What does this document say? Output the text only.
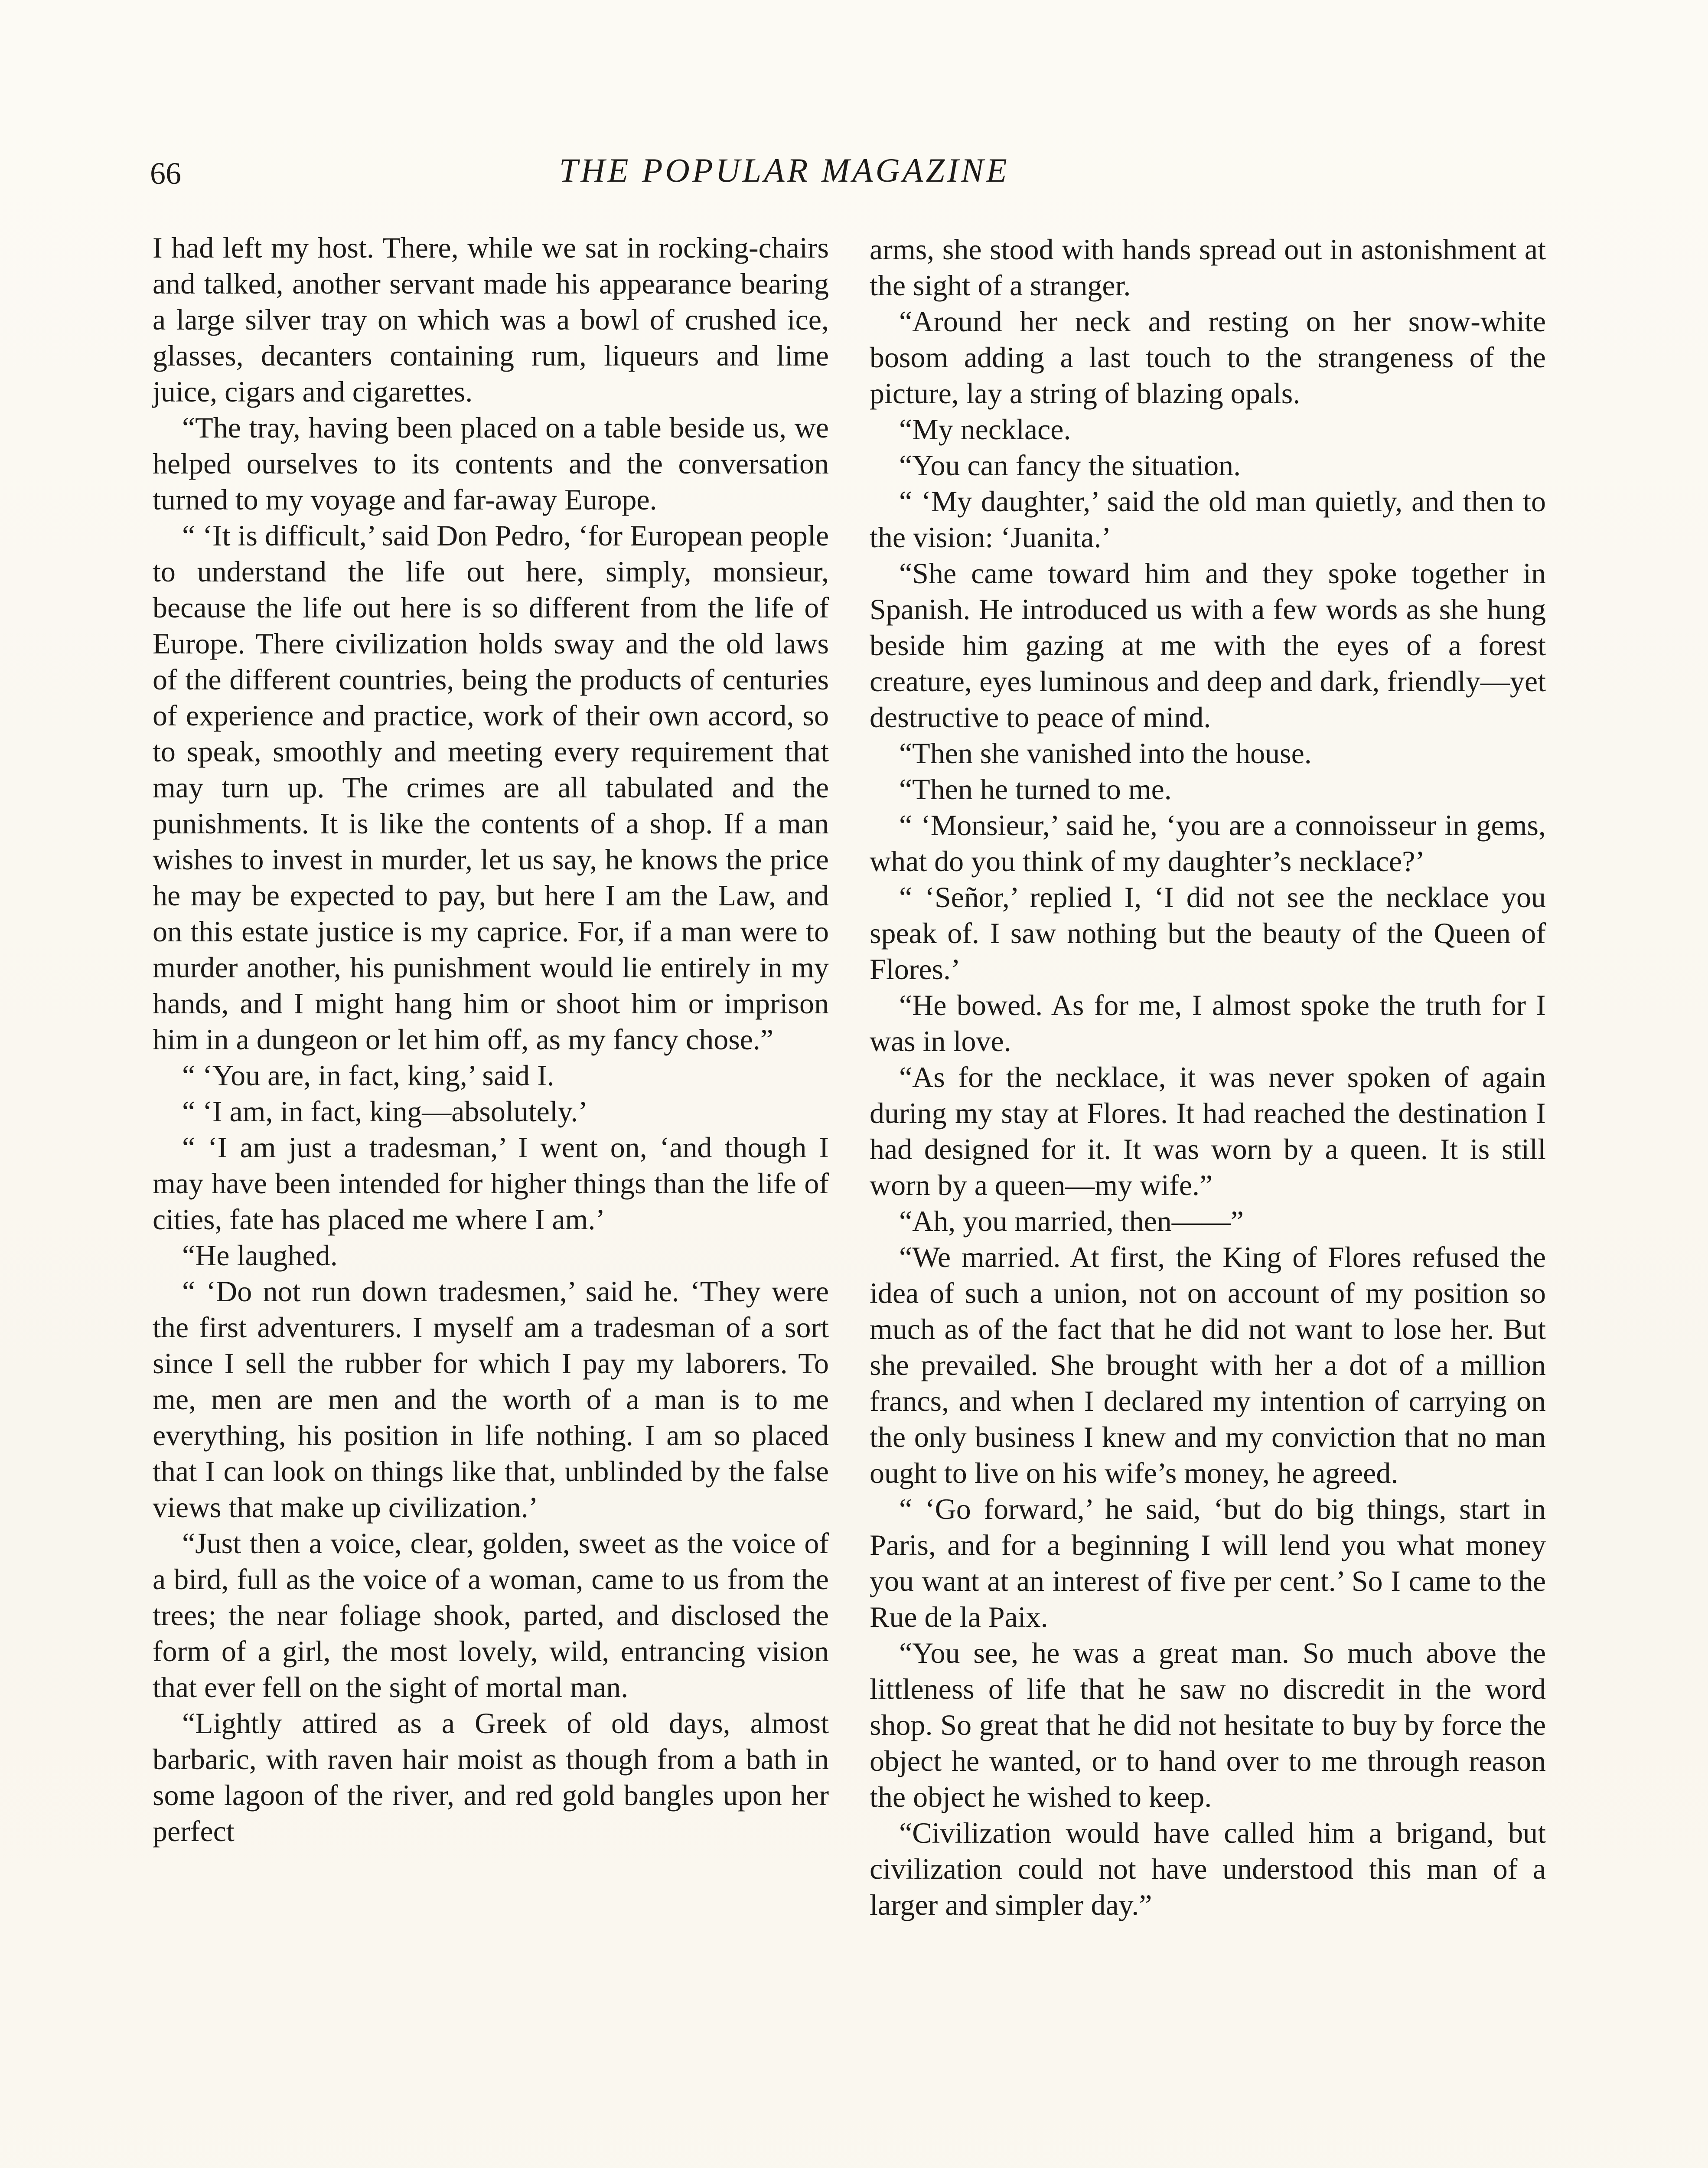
66	THE POPULAR MAGAZINE

I had left my host. There, while we sat in rocking-chairs and talked, another servant made his appearance bearing a large silver tray on which was a bowl of crushed ice, glasses, decanters containing rum, liqueurs and lime juice, cigars and cigarettes.

“The tray, having been placed on a table beside us, we helped ourselves to its contents and the conversation turned to my voyage and far-away Europe.

“ ‘It is difficult,’ said Don Pedro, ‘for European people to understand the life out here, simply, monsieur, because the life out here is so different from the life of Europe. There civilization holds sway and the old laws of the different countries, being the products of centuries of experience and practice, work of their own accord, so to speak, smoothly and meeting every requirement that may turn up. The crimes are all tabulated and the punishments. It is like the contents of a shop. If a man wishes to invest in murder, let us say, he knows the price he may be expected to pay, but here I am the Law, and on this estate justice is my caprice. For, if a man were to murder another, his punishment would lie entirely in my hands, and I might hang him or shoot him or imprison him in a dungeon or let him off, as my fancy chose.”

“ ‘You are, in fact, king,’ said I.

“ ‘I am, in fact, king—absolutely.’

“ ‘I am just a tradesman,’ I went on, ‘and though I may have been intended for higher things than the life of cities, fate has placed me where I am.’

“He laughed.

“ ‘Do not run down tradesmen,’ said he. ‘They were the first adventurers. I myself am a tradesman of a sort since I sell the rubber for which I pay my laborers. To me, men are men and the worth of a man is to me everything, his position in life nothing. I am so placed that I can look on things like that, unblinded by the false views that make up civilization.’

“Just then a voice, clear, golden, sweet as the voice of a bird, full as the voice of a woman, came to us from the trees; the near foliage shook, parted, and disclosed the form of a girl, the most lovely, wild, entrancing vision that ever fell on the sight of mortal man.

“Lightly attired as a Greek of old days, almost barbaric, with raven hair moist as though from a bath in some lagoon of the river, and red gold bangles upon her perfect

arms, she stood with hands spread out in astonishment at the sight of a stranger.

“Around her neck and resting on her snow-white bosom adding a last touch to the strangeness of the picture, lay a string of blazing opals.

“My necklace.

“You can fancy the situation.

“ ‘My daughter,’ said the old man quietly, and then to the vision: ‘Juanita.’

“She came toward him and they spoke together in Spanish. He introduced us with a few words as she hung beside him gazing at me with the eyes of a forest creature, eyes luminous and deep and dark, friendly—yet destructive to peace of mind.

“Then she vanished into the house.

“Then he turned to me.

“ ‘Monsieur,’ said he, ‘you are a connoisseur in gems, what do you think of my daughter’s necklace?’

“ ‘Señor,’ replied I, ‘I did not see the necklace you speak of. I saw nothing but the beauty of the Queen of Flores.’

“He bowed. As for me, I almost spoke the truth for I was in love.

“As for the necklace, it was never spoken of again during my stay at Flores. It had reached the destination I had designed for it. It was worn by a queen. It is still worn by a queen—my wife.”

“Ah, you married, then——”

“We married. At first, the King of Flores refused the idea of such a union, not on account of my position so much as of the fact that he did not want to lose her. But she prevailed. She brought with her a dot of a million francs, and when I declared my intention of carrying on the only business I knew and my conviction that no man ought to live on his wife’s money, he agreed.

“ ‘Go forward,’ he said, ‘but do big things, start in Paris, and for a beginning I will lend you what money you want at an interest of five per cent.’ So I came to the Rue de la Paix.

“You see, he was a great man. So much above the littleness of life that he saw no discredit in the word shop. So great that he did not hesitate to buy by force the object he wanted, or to hand over to me through reason the object he wished to keep.

“Civilization would have called him a brigand, but civilization could not have understood this man of a larger and simpler day.”
